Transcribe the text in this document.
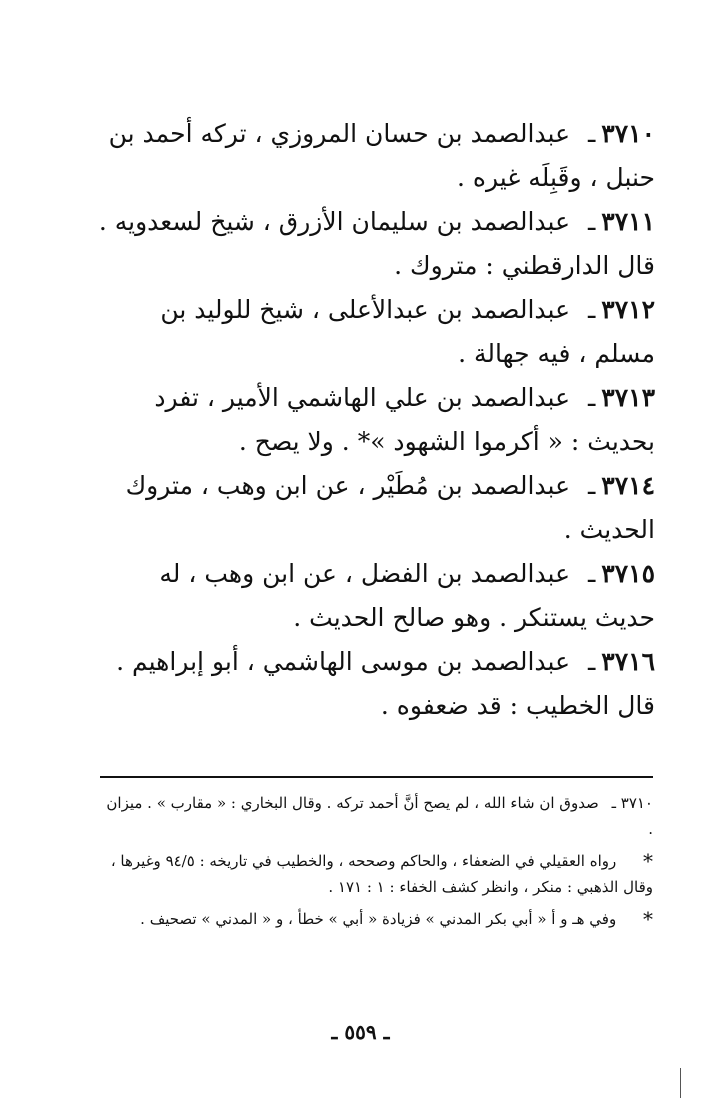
٣٧١٠ـ عبدالصمد بن حسان المروزي ، تركه أحمد بن حنبل ، وقَبِلَه غيره .
٣٧١١ـ عبدالصمد بن سليمان الأزرق ، شيخ لسعدويه . قال الدارقطني : متروك .
٣٧١٢ـ عبدالصمد بن عبدالأعلى ، شيخ للوليد بن مسلم ، فيه جهالة .
٣٧١٣ـ عبدالصمد بن علي الهاشمي الأمير ، تفرد بحديث : « أكرموا الشهود »* . ولا يصح .
٣٧١٤ـ عبدالصمد بن مُطَيْر ، عن ابن وهب ، متروك الحديث .
٣٧١٥ـ عبدالصمد بن الفضل ، عن ابن وهب ، له حديث يستنكر . وهو صالح الحديث .
٣٧١٦ـ عبدالصمد بن موسى الهاشمي ، أبو إبراهيم . قال الخطيب : قد ضعفوه .
٣٧١٠ ـ صدوق ان شاء الله ، لم يصح أنَّ أحمد تركه . وقال البخاري : « مقارب » . ميزان .
* رواه العقيلي في الضعفاء ، والحاكم وصححه ، والخطيب في تاريخه : ٩٤/٥ وغيرها ، وقال الذهبي : منكر ، وانظر كشف الخفاء : ١ : ١٧١ .
* وفي هـ و أ « أبي بكر المدني » فزيادة « أبي » خطأ ، و « المدني » تصحيف .
ـ ٥٥٩ ـ
